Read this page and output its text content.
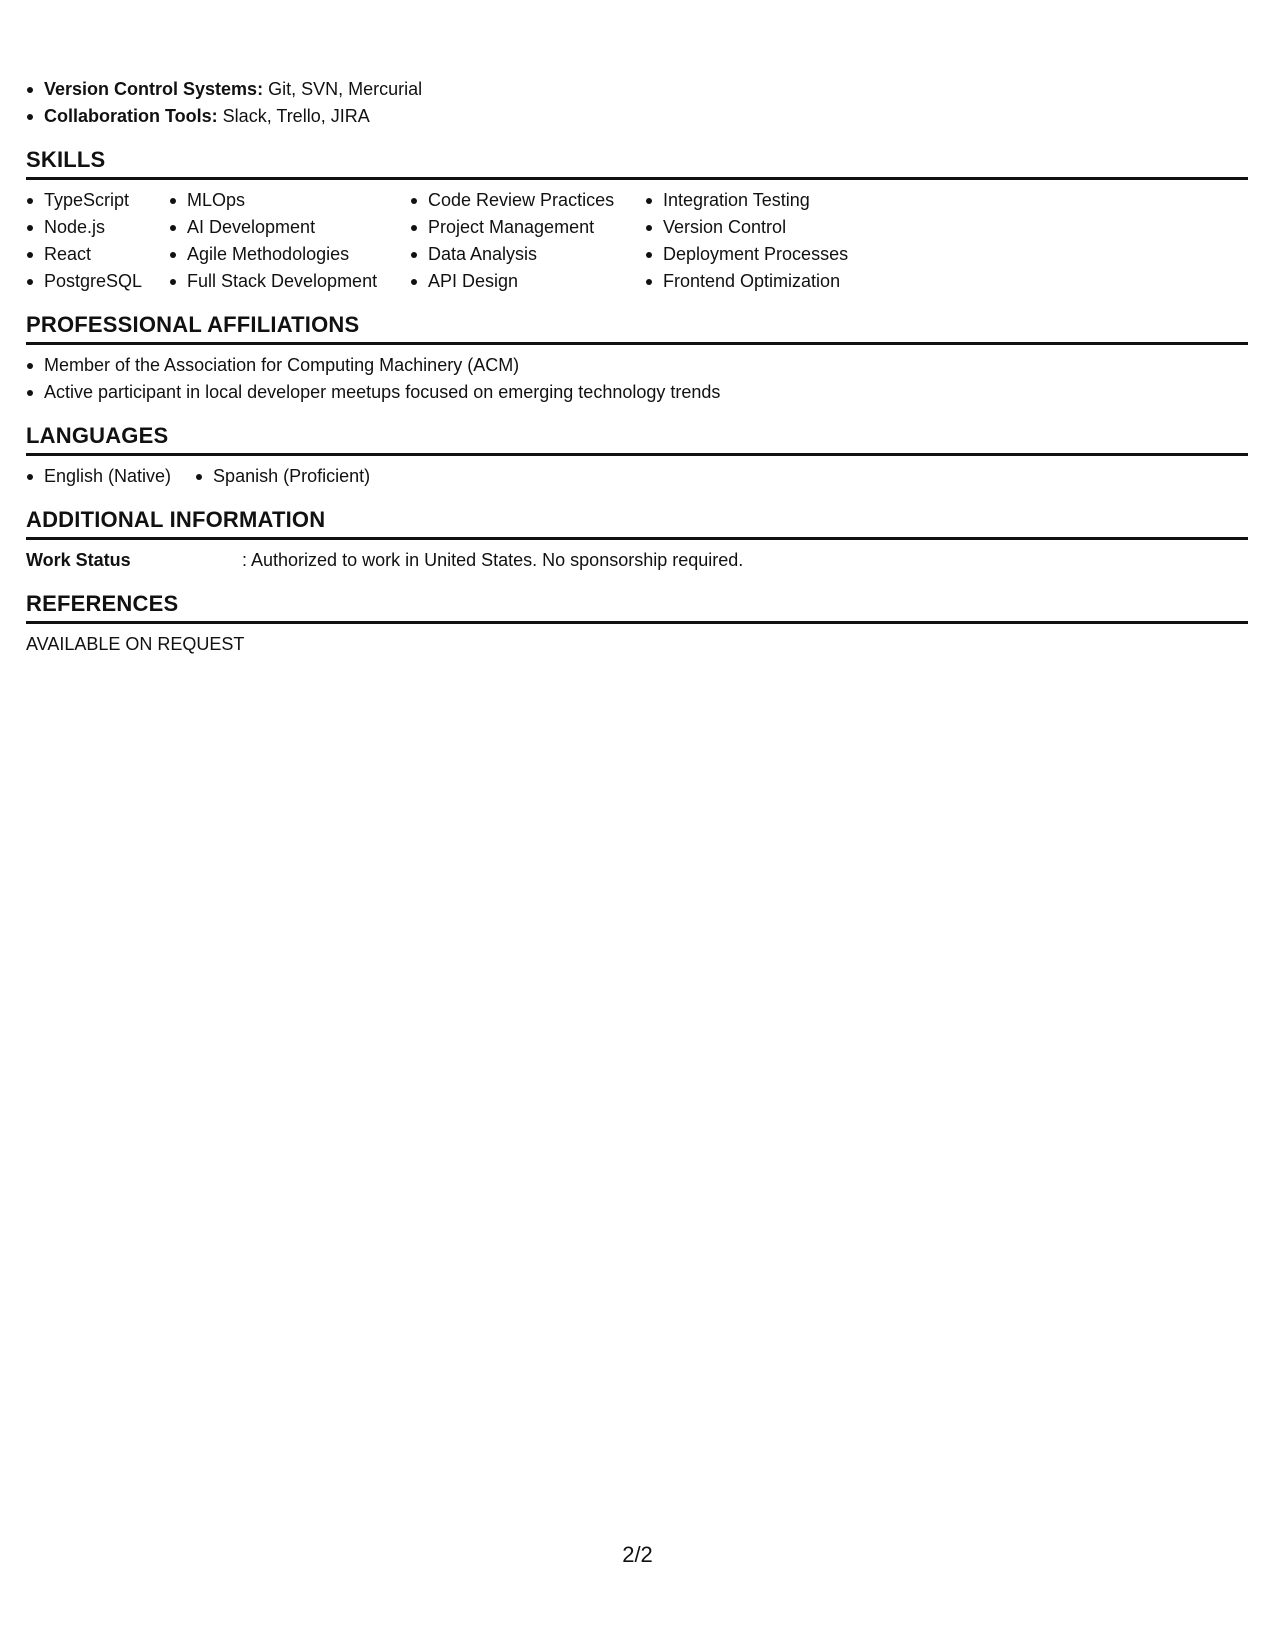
Version Control Systems: Git, SVN, Mercurial
Collaboration Tools: Slack, Trello, JIRA
SKILLS
TypeScript
Node.js
React
PostgreSQL
MLOps
AI Development
Agile Methodologies
Full Stack Development
Code Review Practices
Project Management
Data Analysis
API Design
Integration Testing
Version Control
Deployment Processes
Frontend Optimization
PROFESSIONAL AFFILIATIONS
Member of the Association for Computing Machinery (ACM)
Active participant in local developer meetups focused on emerging technology trends
LANGUAGES
English (Native)	Spanish (Proficient)
ADDITIONAL INFORMATION
Work Status
:	Authorized to work in United States. No sponsorship required.
REFERENCES
AVAILABLE ON REQUEST
2/2
